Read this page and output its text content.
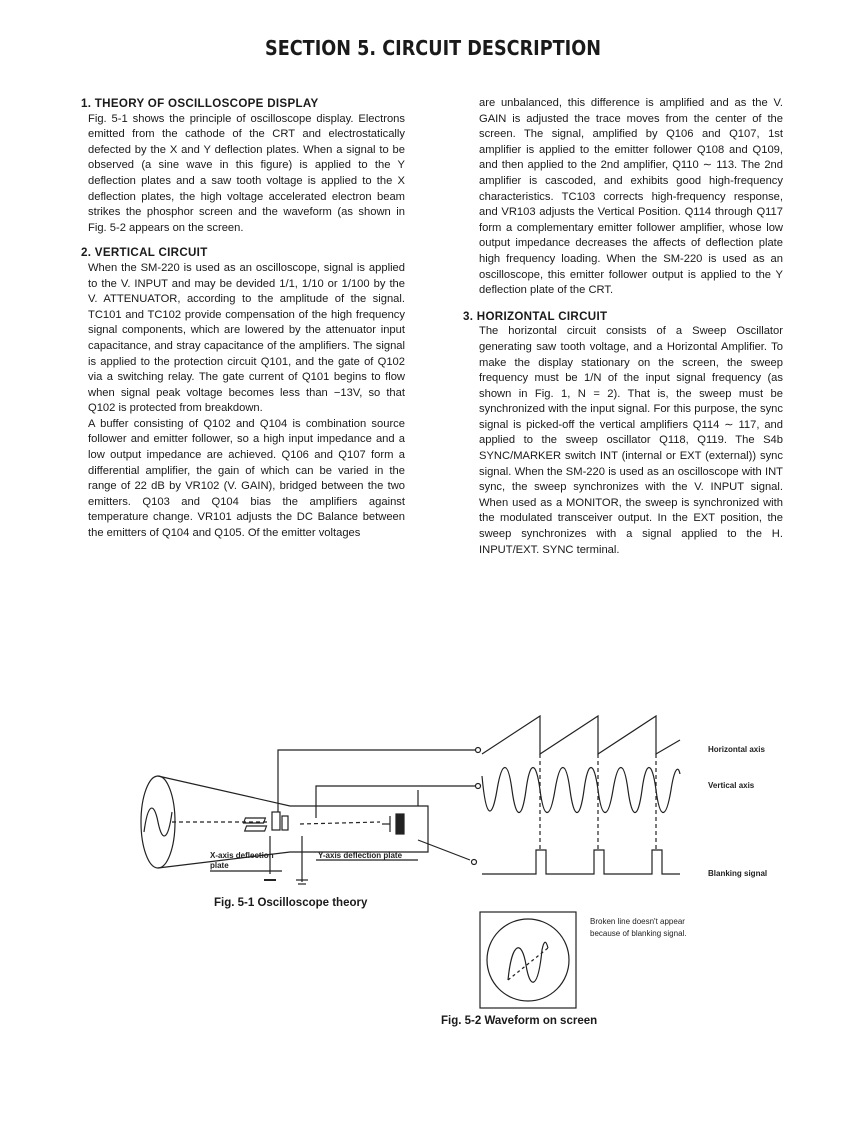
SECTION 5. CIRCUIT DESCRIPTION
1. THEORY OF OSCILLOSCOPE DISPLAY

Fig. 5-1 shows the principle of oscilloscope display. Electrons emitted from the cathode of the CRT and electrostatically defected by the X and Y deflection plates. When a signal to be observed (a sine wave in this figure) is applied to the Y deflection plates and a saw tooth voltage is applied to the X deflection plates, the high voltage accelerated electron beam strikes the phosphor screen and the waveform (as shown in Fig. 5-2 appears on the screen.

2. VERTICAL CIRCUIT

When the SM-220 is used as an oscilloscope, signal is applied to the V. INPUT and may be devided 1/1, 1/10 or 1/100 by the V. ATTENUATOR, according to the amplitude of the signal. TC101 and TC102 provide compensation of the high frequency signal components, which are lowered by the attenuator input capacitance, and stray capacitance of the amplifiers. The signal is applied to the protection circuit Q101, and the gate of Q102 via a switching relay. The gate current of Q101 begins to flow when signal peak voltage becomes less than −13V, so that Q102 is protected from breakdown.

A buffer consisting of Q102 and Q104 is combination source follower and emitter follower, so a high input impedance and a low output impedance are achieved. Q106 and Q107 form a differential amplifier, the gain of which can be varied in the range of 22 dB by VR102 (V. GAIN), bridged between the two emitters. Q103 and Q104 bias the amplifiers against temperature change. VR101 adjusts the DC Balance between the emitters of Q104 and Q105. Of the emitter voltages

are unbalanced, this difference is amplified and as the V. GAIN is adjusted the trace moves from the center of the screen. The signal, amplified by Q106 and Q107, 1st amplifier is applied to the emitter follower Q108 and Q109, and then applied to the 2nd amplifier, Q110 ∼ 113. The 2nd amplifier is cascoded, and exhibits good high-frequency characteristics. TC103 corrects high-frequency response, and VR103 adjusts the Vertical Position. Q114 through Q117 form a complementary emitter follower amplifier, whose low output impedance decreases the affects of deflection plate high frequency loading. When the SM-220 is used as an oscilloscope, this emitter follower output is applied to the Y deflection plate of the CRT.

3. HORIZONTAL CIRCUIT

The horizontal circuit consists of a Sweep Oscillator generating saw tooth voltage, and a Horizontal Amplifier. To make the display stationary on the screen, the sweep frequency must be 1/N of the input signal frequency (as shown in Fig. 1, N = 2). That is, the sweep must be synchronized with the input signal. For this purpose, the sync signal is picked-off the vertical amplifiers Q114 ∼ 117, and applied to the sweep oscillator Q118, Q119. The S4b SYNC/MARKER switch INT (internal or EXT (external)) sync signal. When the SM-220 is used as an oscilloscope with INT sync, the sweep synchronizes with the V. INPUT signal. When used as a MONITOR, the sweep is synchronized with the modulated transceiver output. In the EXT position, the sweep synchronizes with a signal applied to the H. INPUT/EXT. SYNC terminal.

X-axis deflection
plate
Y-axis deflection plate
Horizontal axis
Vertical axis
Blanking signal
Fig. 5-1 Oscilloscope theory
Broken line doesn't appear
because of blanking signal.
Fig. 5-2 Waveform on screen
